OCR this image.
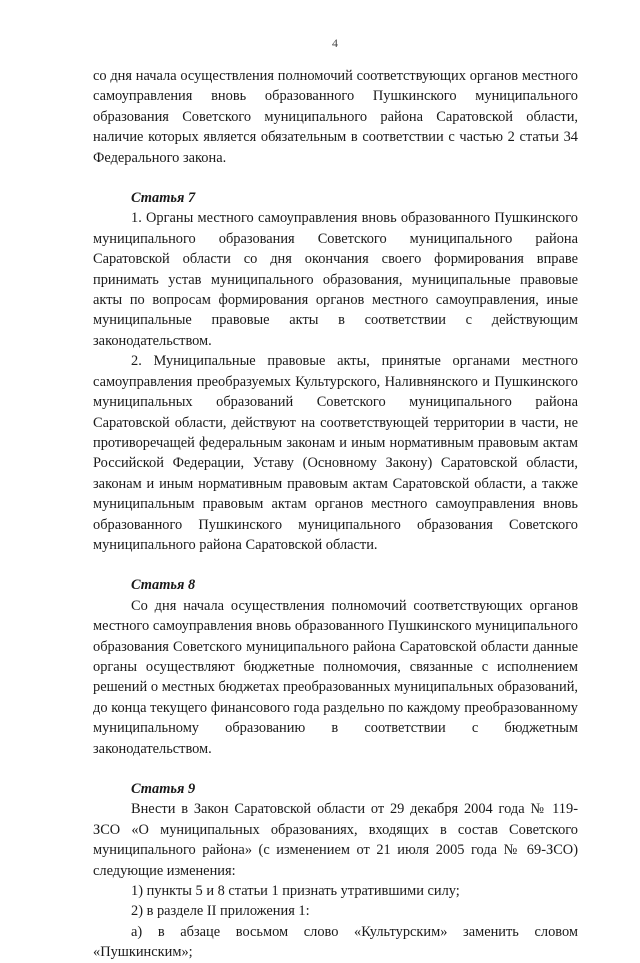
4

со дня начала осуществления полномочий соответствующих органов местного самоуправления вновь образованного Пушкинского муниципального образования Советского муниципального района Саратовской области, наличие которых является обязательным в соответствии с частью 2 статьи 34 Федерального закона.

Статья 7

1. Органы местного самоуправления вновь образованного Пушкинского муниципального образования Советского муниципального района Саратовской области со дня окончания своего формирования вправе принимать устав муниципального образования, муниципальные правовые акты по вопросам формирования органов местного самоуправления, иные муниципальные правовые акты в соответствии с действующим законодательством.

2. Муниципальные правовые акты, принятые органами местного самоуправления преобразуемых Культурского, Наливнянского и Пушкинского муниципальных образований Советского муниципального района Саратовской области, действуют на соответствующей территории в части, не противоречащей федеральным законам и иным нормативным правовым актам Российской Федерации, Уставу (Основному Закону) Саратовской области, законам и иным нормативным правовым актам Саратовской области, а также муниципальным правовым актам органов местного самоуправления вновь образованного Пушкинского муниципального образования Советского муниципального района Саратовской области.

Статья 8

Со дня начала осуществления полномочий соответствующих органов местного самоуправления вновь образованного Пушкинского муниципального образования Советского муниципального района Саратовской области данные органы осуществляют бюджетные полномочия, связанные с исполнением решений о местных бюджетах преобразованных муниципальных образований, до конца текущего финансового года раздельно по каждому преобразованному муниципальному образованию в соответствии с бюджетным законодательством.

Статья 9

Внести в Закон Саратовской области от 29 декабря 2004 года № 119-ЗСО «О муниципальных образованиях, входящих в состав Советского муниципального района» (с изменением от 21 июля 2005 года № 69-ЗСО) следующие изменения:

1) пункты 5 и 8 статьи 1 признать утратившими силу;

2) в разделе II приложения 1:

а) в абзаце восьмом слово «Культурским» заменить словом «Пушкинским»;
